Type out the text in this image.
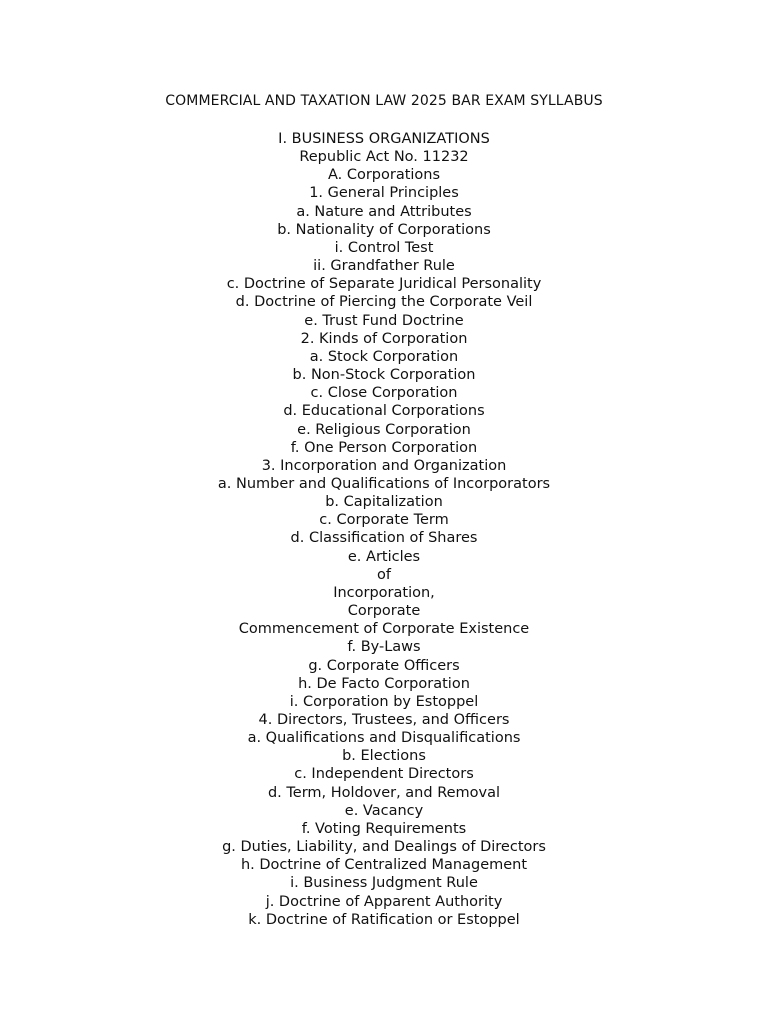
COMMERCIAL AND TAXATION LAW 2025 BAR EXAM SYLLABUS
I. BUSINESS ORGANIZATIONS
Republic Act No. 11232
A. Corporations
1. General Principles
a. Nature and Attributes
b. Nationality of Corporations
i. Control Test
ii. Grandfather Rule
c. Doctrine of Separate Juridical Personality
d. Doctrine of Piercing the Corporate Veil
e. Trust Fund Doctrine
2. Kinds of Corporation
a. Stock Corporation
b. Non-Stock Corporation
c. Close Corporation
d. Educational Corporations
e. Religious Corporation
f. One Person Corporation
3. Incorporation and Organization
a. Number and Qualifications of Incorporators
b. Capitalization
c. Corporate Term
d. Classification of Shares
e. Articles
of
Incorporation,
Corporate
Commencement of Corporate Existence
f. By-Laws
g. Corporate Officers
h. De Facto Corporation
i. Corporation by Estoppel
4. Directors, Trustees, and Officers
a. Qualifications and Disqualifications
b. Elections
c. Independent Directors
d. Term, Holdover, and Removal
e. Vacancy
f. Voting Requirements
g. Duties, Liability, and Dealings of Directors
h. Doctrine of Centralized Management
i. Business Judgment Rule
j. Doctrine of Apparent Authority
k. Doctrine of Ratification or Estoppel
